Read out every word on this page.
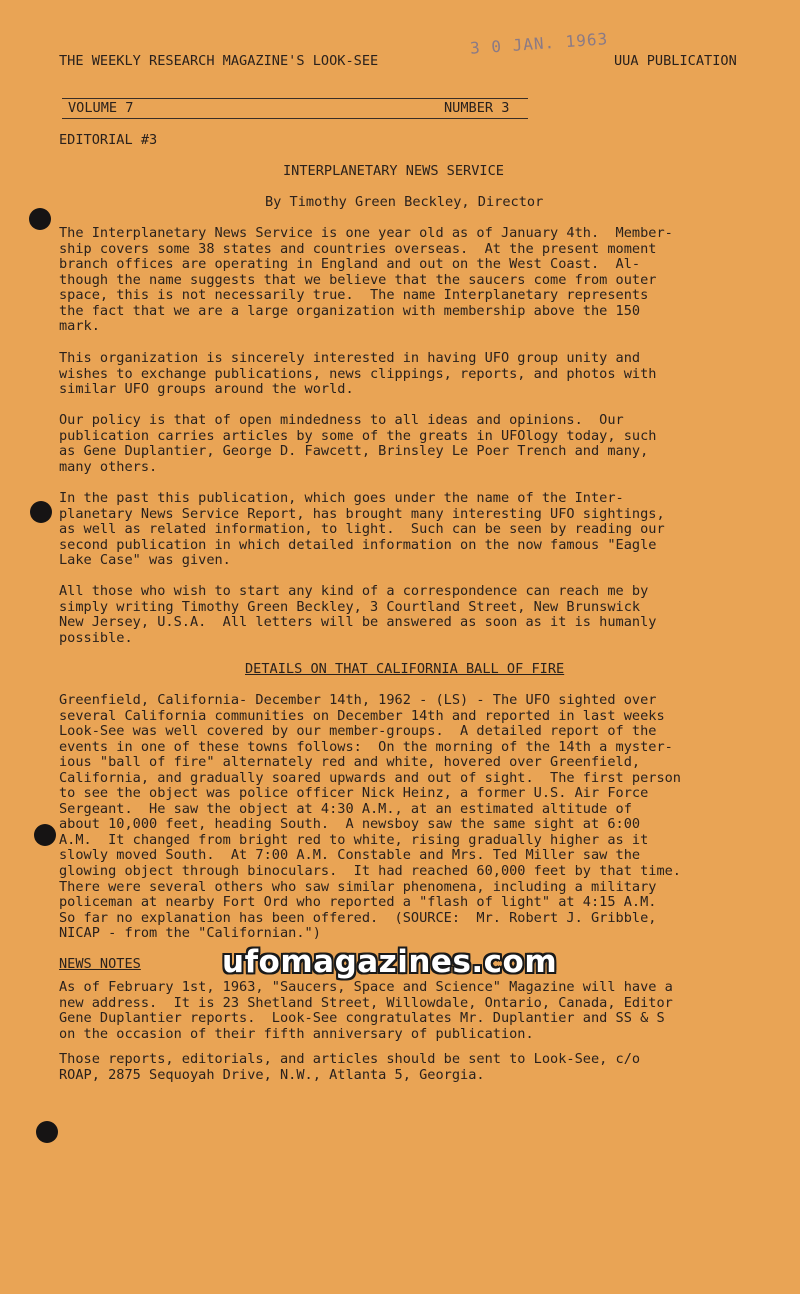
THE WEEKLY RESEARCH MAGAZINE'S LOOK-SEE
3 0 JAN. 1963
UUA PUBLICATION
VOLUME 7	NUMBER 3
EDITORIAL #3
INTERPLANETARY NEWS SERVICE
By Timothy Green Beckley, Director
The Interplanetary News Service is one year old as of January 4th.  Member-
ship covers some 38 states and countries overseas.  At the present moment
branch offices are operating in England and out on the West Coast.  Al-
though the name suggests that we believe that the saucers come from outer
space, this is not necessarily true.  The name Interplanetary represents
the fact that we are a large organization with membership above the 150
mark.
This organization is sincerely interested in having UFO group unity and
wishes to exchange publications, news clippings, reports, and photos with
similar UFO groups around the world.
Our policy is that of open mindedness to all ideas and opinions.  Our
publication carries articles by some of the greats in UFOlogy today, such
as Gene Duplantier, George D. Fawcett, Brinsley Le Poer Trench and many,
many others.
In the past this publication, which goes under the name of the Inter-
planetary News Service Report, has brought many interesting UFO sightings,
as well as related information, to light.  Such can be seen by reading our
second publication in which detailed information on the now famous "Eagle
Lake Case" was given.
All those who wish to start any kind of a correspondence can reach me by
simply writing Timothy Green Beckley, 3 Courtland Street, New Brunswick
New Jersey, U.S.A.  All letters will be answered as soon as it is humanly
possible.
DETAILS ON THAT CALIFORNIA BALL OF FIRE
Greenfield, California- December 14th, 1962 - (LS) - The UFO sighted over
several California communities on December 14th and reported in last weeks
Look-See was well covered by our member-groups.  A detailed report of the
events in one of these towns follows:  On the morning of the 14th a myster-
ious "ball of fire" alternately red and white, hovered over Greenfield,
California, and gradually soared upwards and out of sight.  The first person
to see the object was police officer Nick Heinz, a former U.S. Air Force
Sergeant.  He saw the object at 4:30 A.M., at an estimated altitude of
about 10,000 feet, heading South.  A newsboy saw the same sight at 6:00
A.M.  It changed from bright red to white, rising gradually higher as it
slowly moved South.  At 7:00 A.M. Constable and Mrs. Ted Miller saw the
glowing object through binoculars.  It had reached 60,000 feet by that time.
There were several others who saw similar phenomena, including a military
policeman at nearby Fort Ord who reported a "flash of light" at 4:15 A.M.
So far no explanation has been offered.  (SOURCE:  Mr. Robert J. Gribble,
NICAP - from the "Californian.")
NEWS NOTES
As of February 1st, 1963, "Saucers, Space and Science" Magazine will have a
new address.  It is 23 Shetland Street, Willowdale, Ontario, Canada, Editor
Gene Duplantier reports.  Look-See congratulates Mr. Duplantier and SS & S
on the occasion of their fifth anniversary of publication.
Those reports, editorials, and articles should be sent to Look-See, c/o
ROAP, 2875 Sequoyah Drive, N.W., Atlanta 5, Georgia.
ufomagazines.com
